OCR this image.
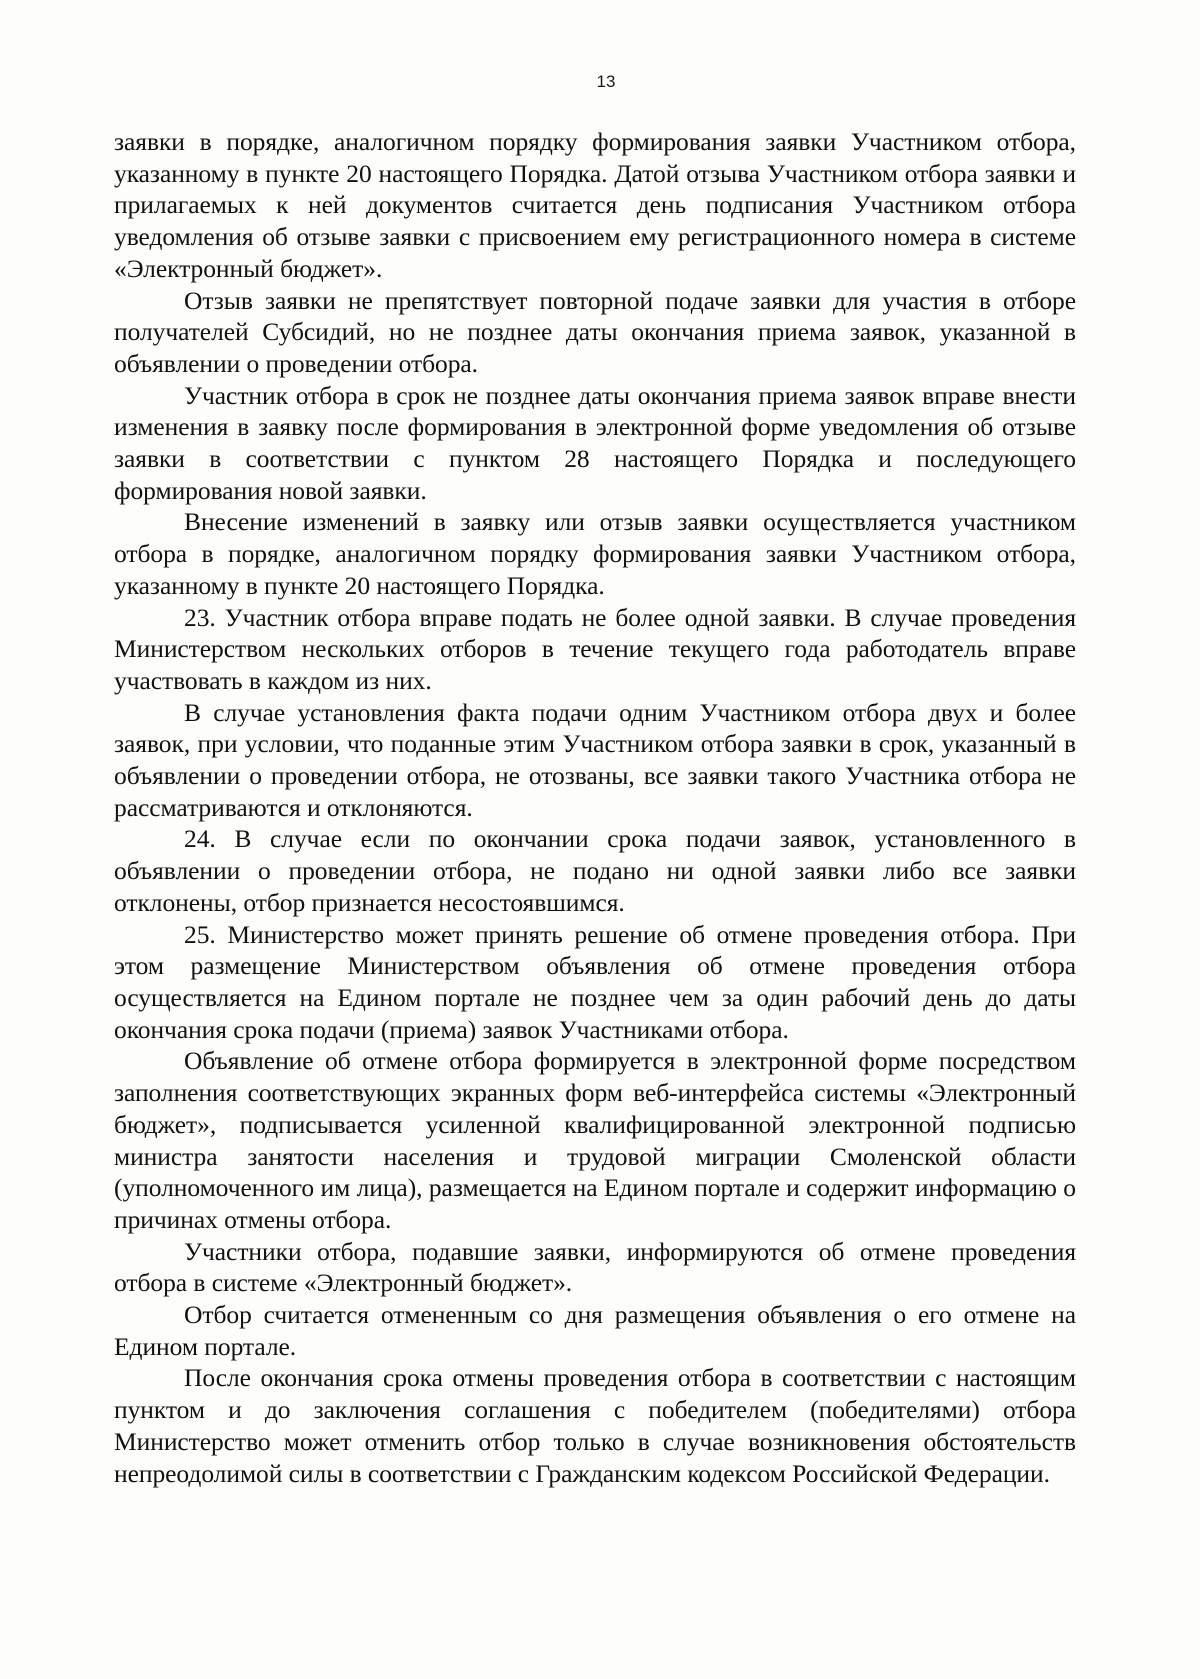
13

заявки в порядке, аналогичном порядку формирования заявки Участником отбора, указанному в пункте 20 настоящего Порядка. Датой отзыва Участником отбора заявки и прилагаемых к ней документов считается день подписания Участником отбора уведомления об отзыве заявки с присвоением ему регистрационного номера в системе «Электронный бюджет».

Отзыв заявки не препятствует повторной подаче заявки для участия в отборе получателей Субсидий, но не позднее даты окончания приема заявок, указанной в объявлении о проведении отбора.

Участник отбора в срок не позднее даты окончания приема заявок вправе внести изменения в заявку после формирования в электронной форме уведомления об отзыве заявки в соответствии с пунктом 28 настоящего Порядка и последующего формирования новой заявки.

Внесение изменений в заявку или отзыв заявки осуществляется участником отбора в порядке, аналогичном порядку формирования заявки Участником отбора, указанному в пункте 20 настоящего Порядка.

23. Участник отбора вправе подать не более одной заявки. В случае проведения Министерством нескольких отборов в течение текущего года работодатель вправе участвовать в каждом из них.

В случае установления факта подачи одним Участником отбора двух и более заявок, при условии, что поданные этим Участником отбора заявки в срок, указанный в объявлении о проведении отбора, не отозваны, все заявки такого Участника отбора не рассматриваются и отклоняются.

24. В случае если по окончании срока подачи заявок, установленного в объявлении о проведении отбора, не подано ни одной заявки либо все заявки отклонены, отбор признается несостоявшимся.

25. Министерство может принять решение об отмене проведения отбора. При этом размещение Министерством объявления об отмене проведения отбора осуществляется на Едином портале не позднее чем за один рабочий день до даты окончания срока подачи (приема) заявок Участниками отбора.

Объявление об отмене отбора формируется в электронной форме посредством заполнения соответствующих экранных форм веб-интерфейса системы «Электронный бюджет», подписывается усиленной квалифицированной электронной подписью министра занятости населения и трудовой миграции Смоленской области (уполномоченного им лица), размещается на Едином портале и содержит информацию о причинах отмены отбора.

Участники отбора, подавшие заявки, информируются об отмене проведения отбора в системе «Электронный бюджет».

Отбор считается отмененным со дня размещения объявления о его отмене на Едином портале.

После окончания срока отмены проведения отбора в соответствии с настоящим пунктом и до заключения соглашения с победителем (победителями) отбора Министерство может отменить отбор только в случае возникновения обстоятельств непреодолимой силы в соответствии с Гражданским кодексом Российской Федерации.
